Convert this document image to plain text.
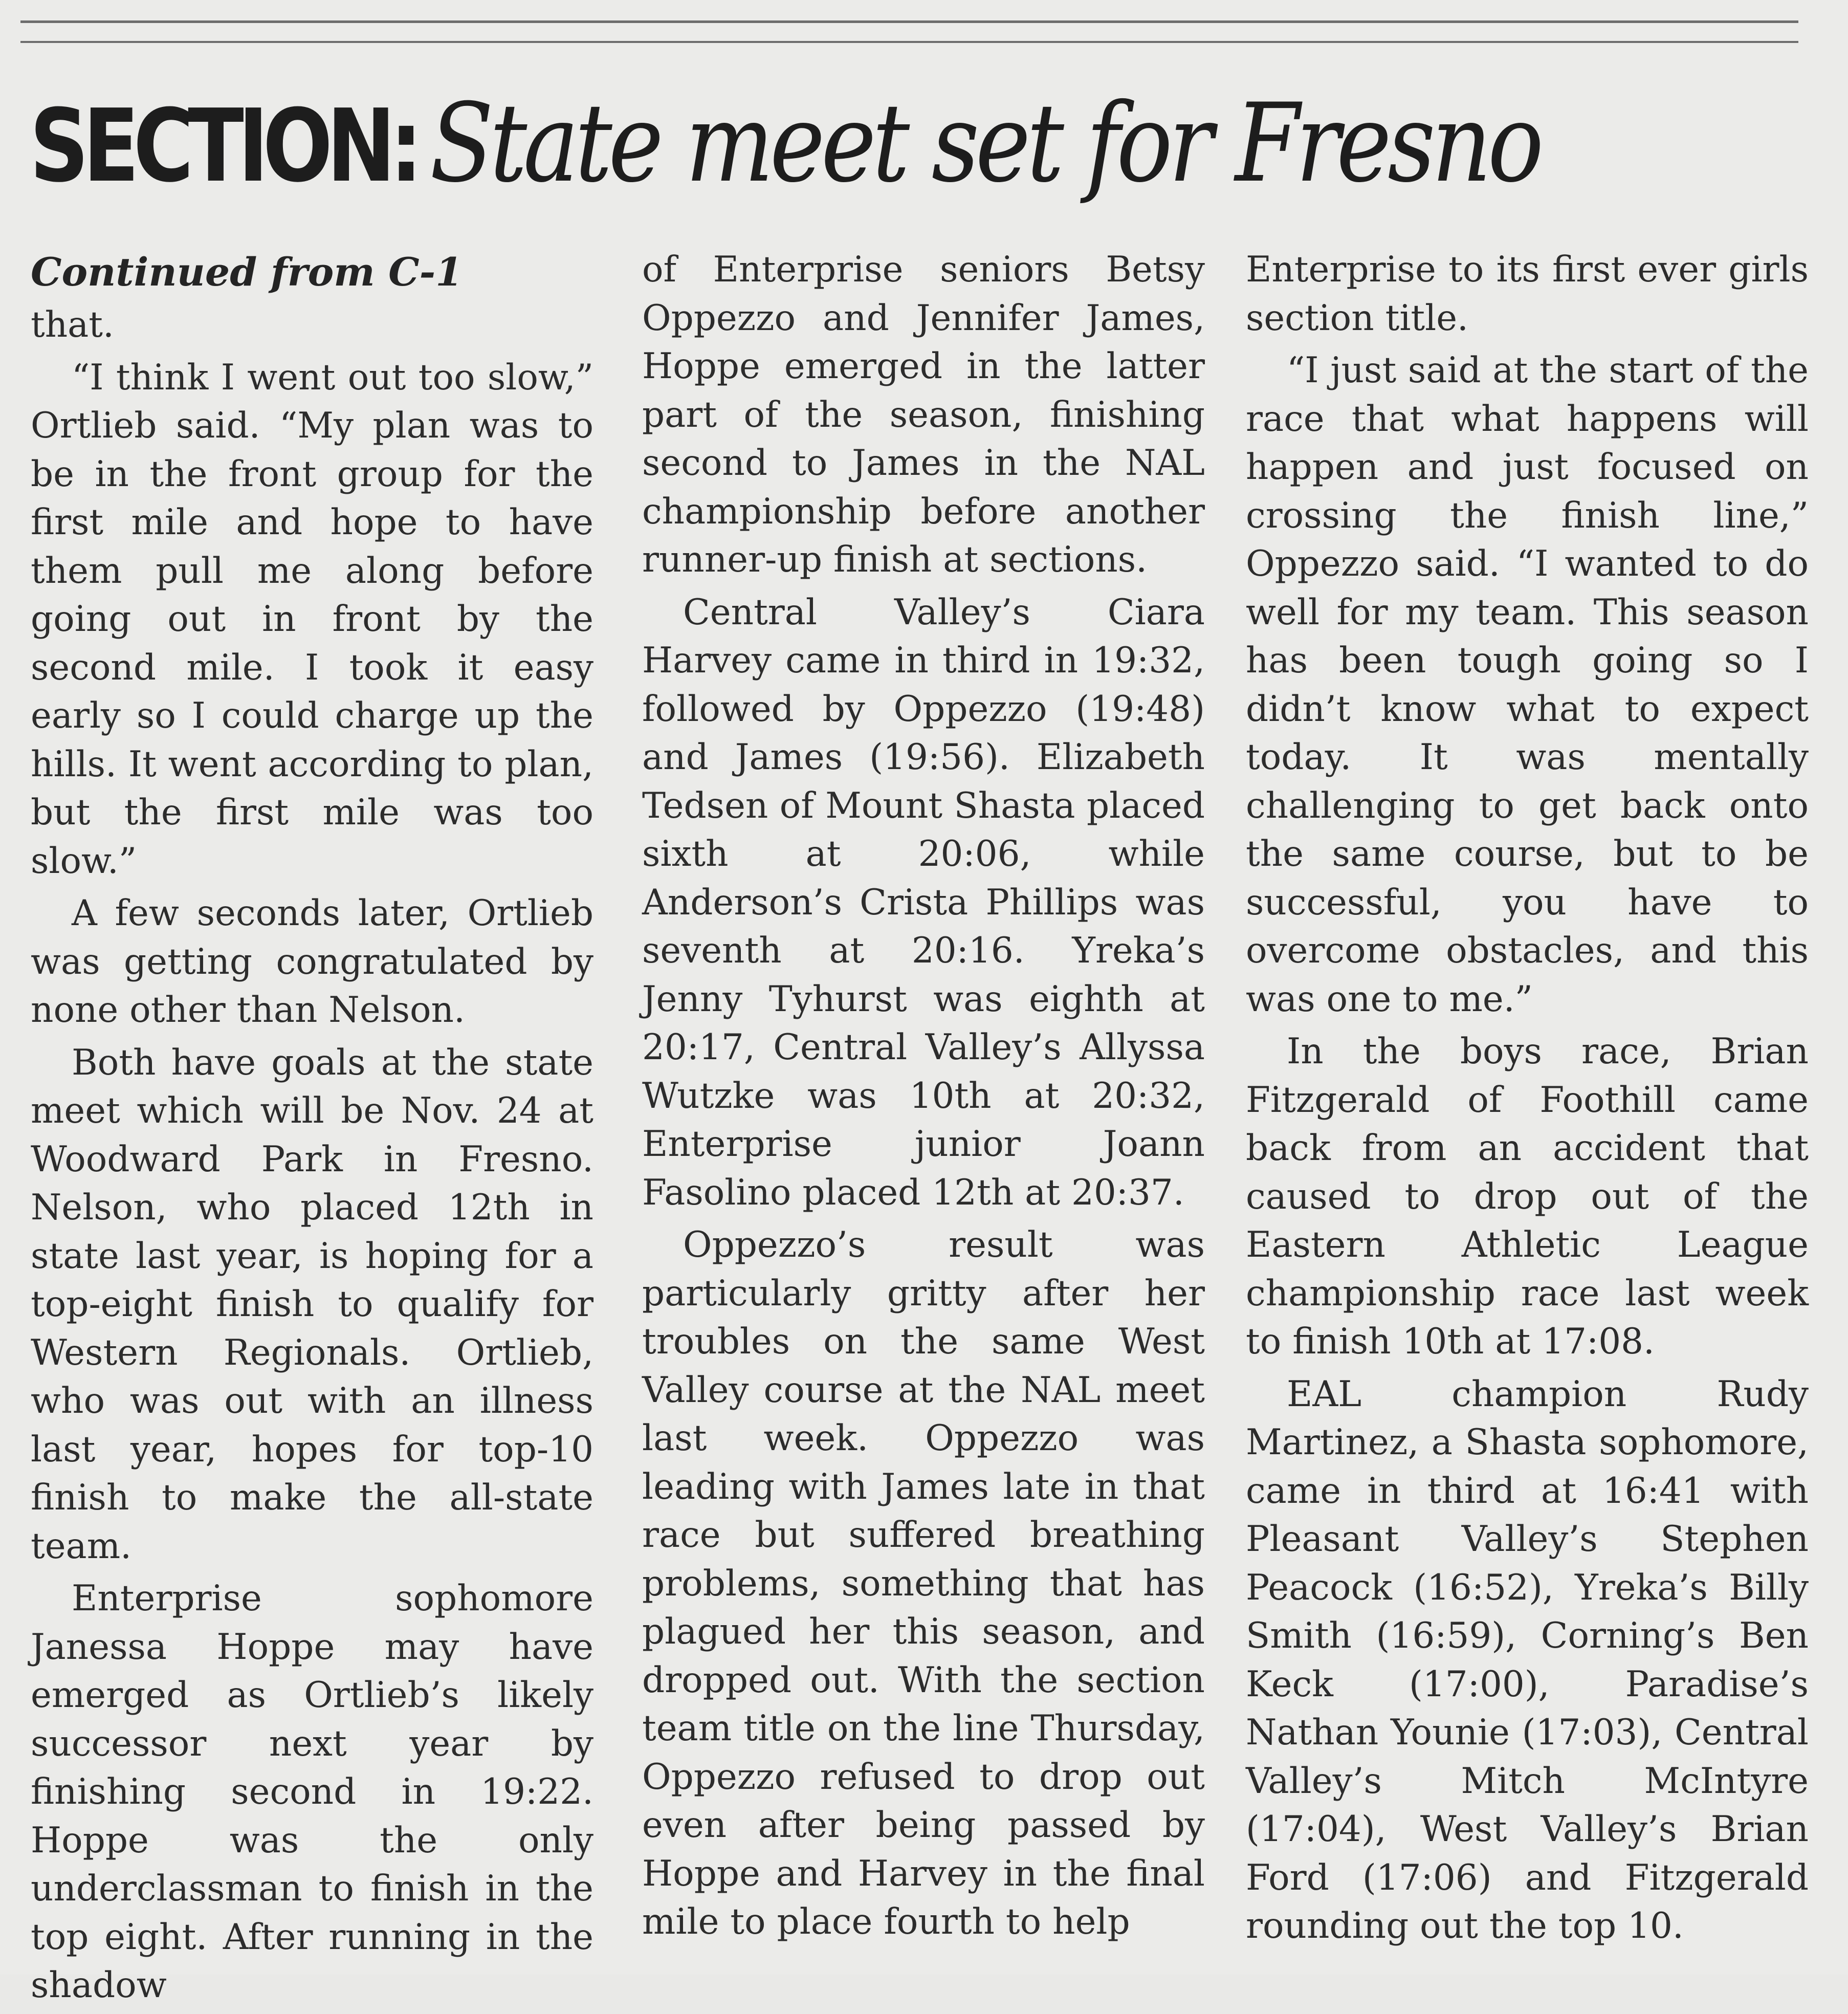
SECTION: State meet set for Fresno
Continued from C-1

that.

“I think I went out too slow,” Ortlieb said. “My plan was to be in the front group for the first mile and hope to have them pull me along before going out in front by the second mile. I took it easy early so I could charge up the hills. It went according to plan, but the first mile was too slow.”

A few seconds later, Ortlieb was getting congratulated by none other than Nelson.

Both have goals at the state meet which will be Nov. 24 at Woodward Park in Fresno. Nelson, who placed 12th in state last year, is hoping for a top-eight finish to qualify for Western Regionals. Ortlieb, who was out with an illness last year, hopes for top-10 finish to make the all-state team.

Enterprise sophomore Janessa Hoppe may have emerged as Ortlieb’s likely successor next year by finishing second in 19:22. Hoppe was the only underclassman to finish in the top eight. After running in the shadow

of Enterprise seniors Betsy Oppezzo and Jennifer James, Hoppe emerged in the latter part of the season, finishing second to James in the NAL championship before another runner-up finish at sections.

Central Valley’s Ciara Harvey came in third in 19:32, followed by Oppezzo (19:48) and James (19:56). Elizabeth Tedsen of Mount Shasta placed sixth at 20:06, while Anderson’s Crista Phillips was seventh at 20:16. Yreka’s Jenny Tyhurst was eighth at 20:17, Central Valley’s Allyssa Wutzke was 10th at 20:32, Enterprise junior Joann Fasolino placed 12th at 20:37.

Oppezzo’s result was particularly gritty after her troubles on the same West Valley course at the NAL meet last week. Oppezzo was leading with James late in that race but suffered breathing problems, something that has plagued her this season, and dropped out. With the section team title on the line Thursday, Oppezzo refused to drop out even after being passed by Hoppe and Harvey in the final mile to place fourth to help

Enterprise to its first ever girls section title.

“I just said at the start of the race that what happens will happen and just focused on crossing the finish line,” Oppezzo said. “I wanted to do well for my team. This season has been tough going so I didn’t know what to expect today. It was mentally challenging to get back onto the same course, but to be successful, you have to overcome obstacles, and this was one to me.”

In the boys race, Brian Fitzgerald of Foothill came back from an accident that caused to drop out of the Eastern Athletic League championship race last week to finish 10th at 17:08.

EAL champion Rudy Martinez, a Shasta sophomore, came in third at 16:41 with Pleasant Valley’s Stephen Peacock (16:52), Yreka’s Billy Smith (16:59), Corning’s Ben Keck (17:00), Paradise’s Nathan Younie (17:03), Central Valley’s Mitch McIntyre (17:04), West Valley’s Brian Ford (17:06) and Fitzgerald rounding out the top 10.
